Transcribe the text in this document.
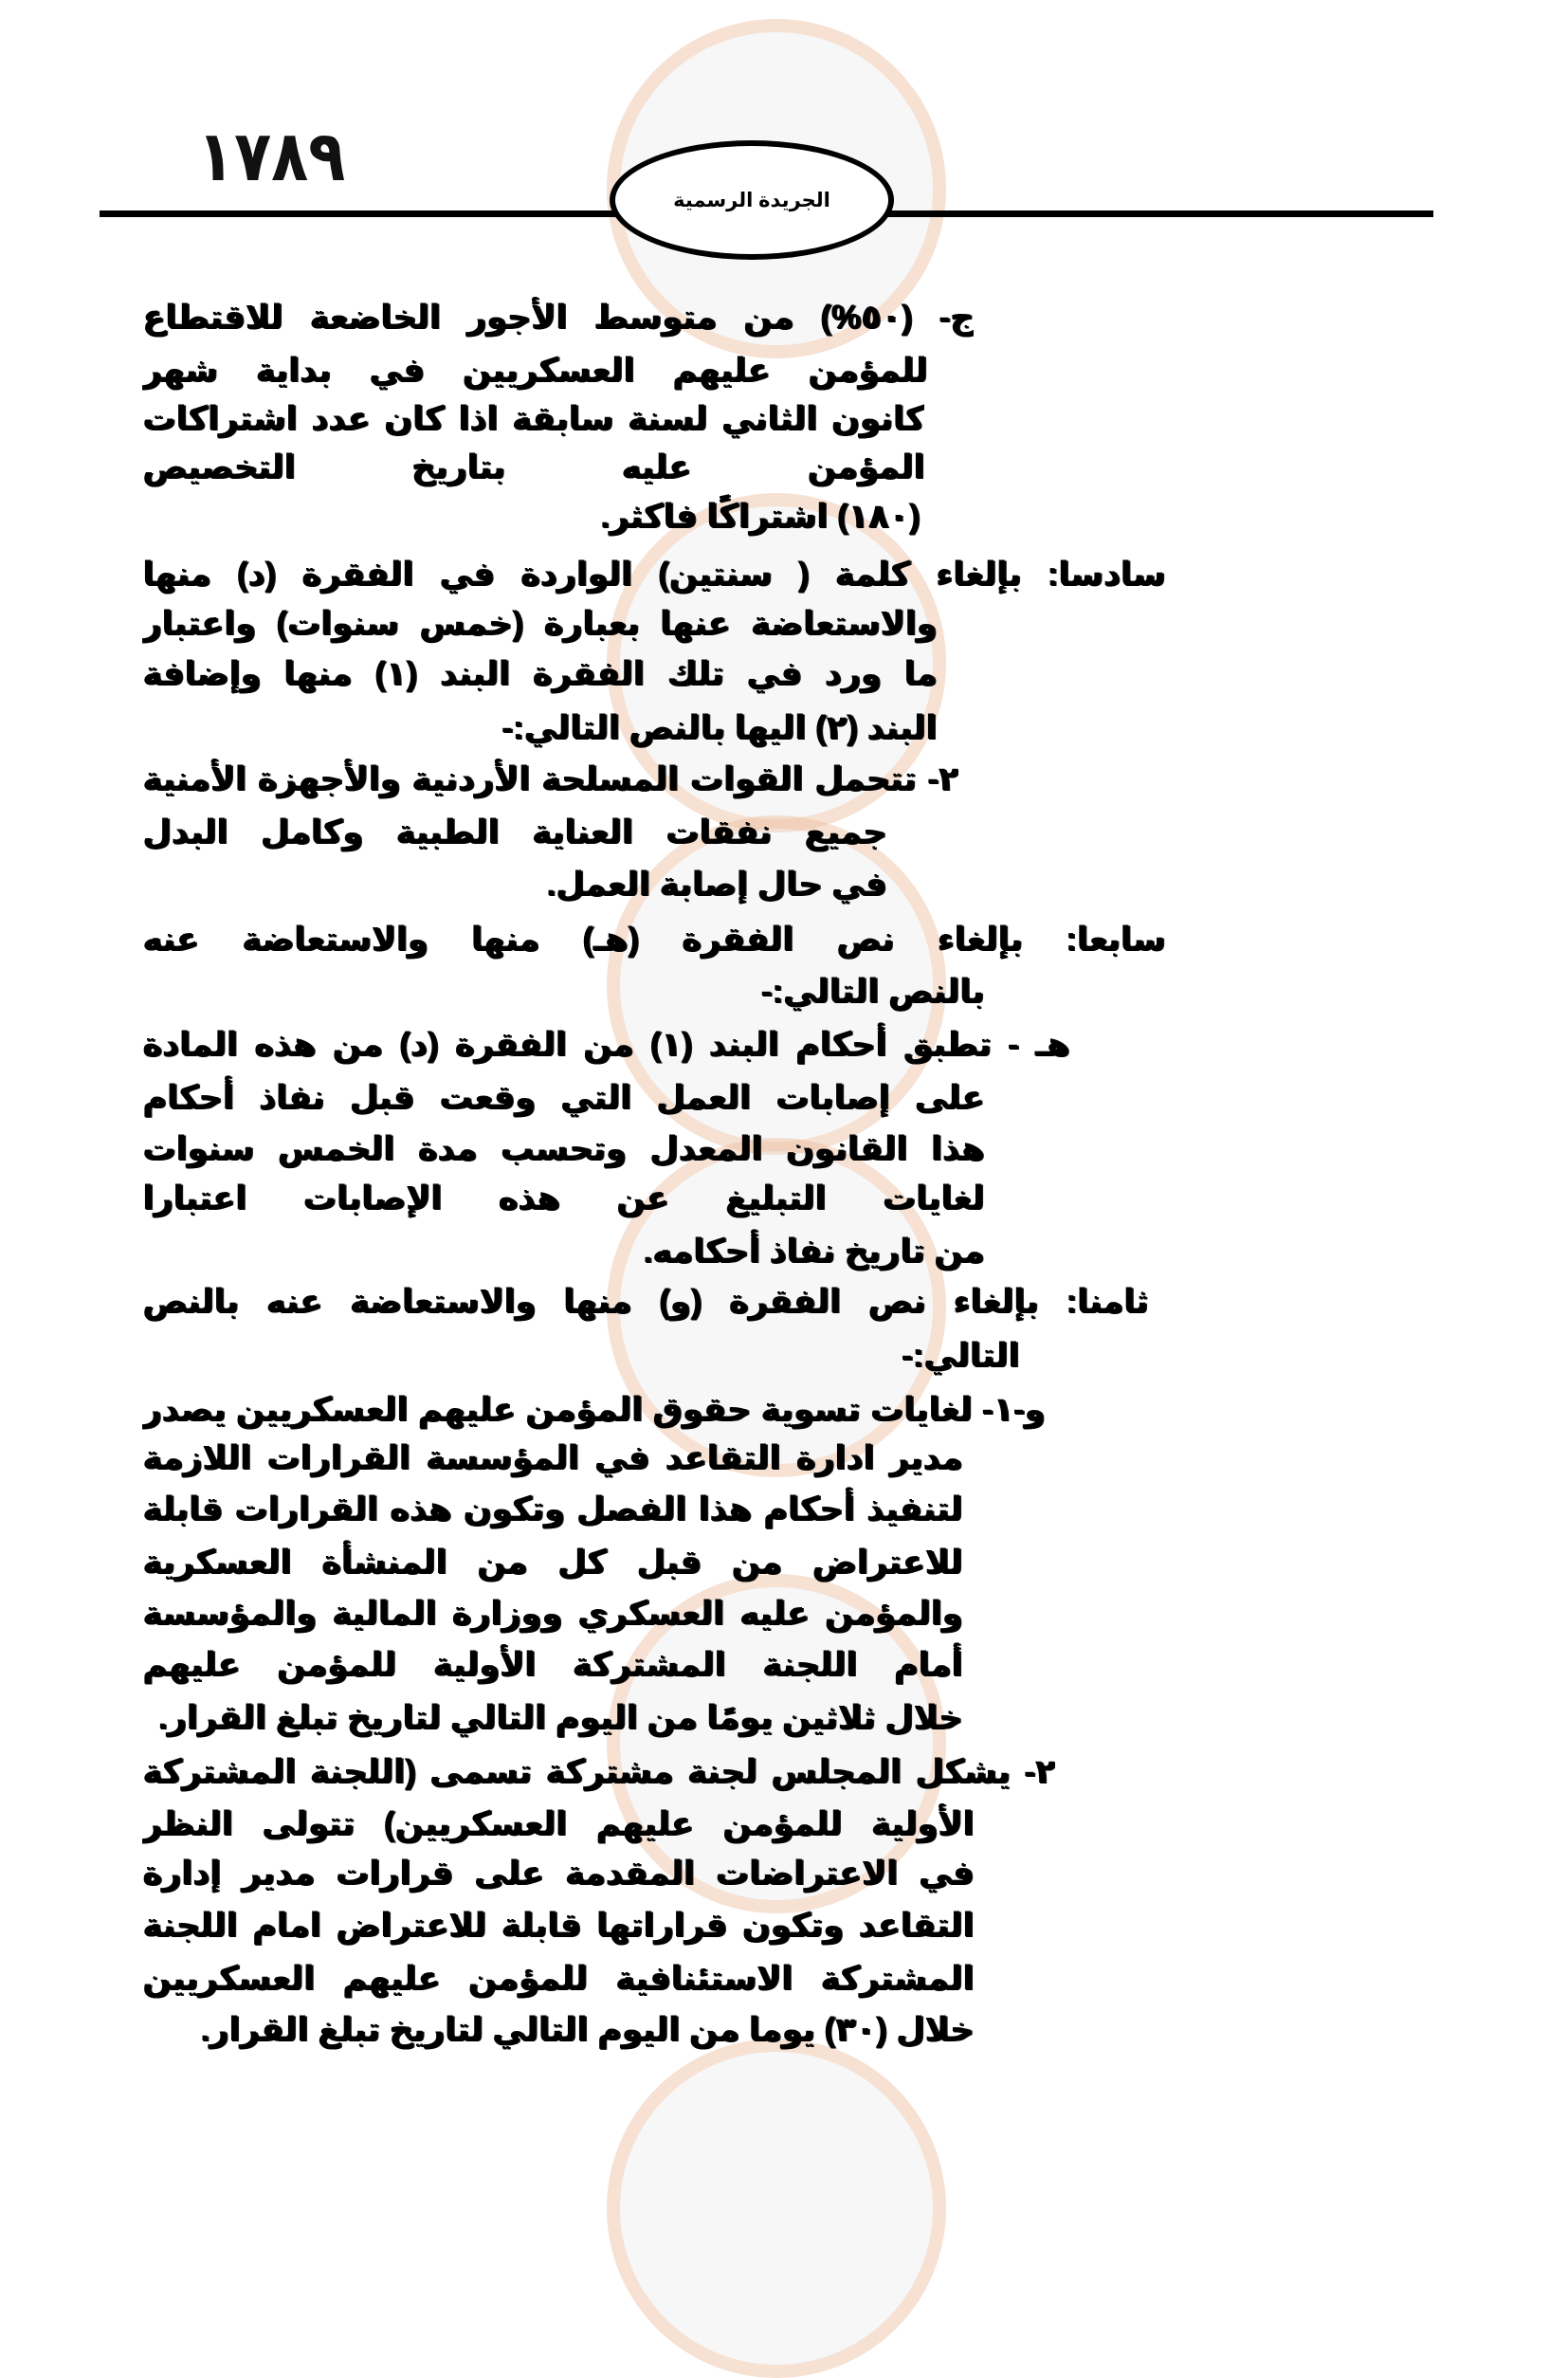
١٧٨٩
الجريدة الرسمية
ج- (٥٠%) من متوسط الأجور الخاضعة للاقتطاع
للمؤمن عليهم العسكريين في بداية شهر
كانون الثاني لسنة سابقة اذا كان عدد اشتراكات
المؤمن عليه بتاريخ التخصيص
(١٨٠) اشتراكًا فاكثر.
سادسا: بإلغاء كلمة ( سنتين) الواردة في الفقرة (د) منها
والاستعاضة عنها بعبارة (خمس سنوات) واعتبار
ما ورد في تلك الفقرة البند (١) منها وإضافة
البند (٢) اليها بالنص التالي:-
٢- تتحمل القوات المسلحة الأردنية والأجهزة الأمنية
جميع نفقات العناية الطبية وكامل البدل
في حال إصابة العمل.
سابعا: بإلغاء نص الفقرة (هـ) منها والاستعاضة عنه
بالنص التالي:-
هـ - تطبق أحكام البند (١) من الفقرة (د) من هذه المادة
على إصابات العمل التي وقعت قبل نفاذ أحكام
هذا القانون المعدل وتحسب مدة الخمس سنوات
لغايات التبليغ عن هذه الإصابات اعتبارا
من تاريخ نفاذ أحكامه.
ثامنا: بإلغاء نص الفقرة (و) منها والاستعاضة عنه بالنص
التالي:-
و-١- لغايات تسوية حقوق المؤمن عليهم العسكريين يصدر
مدير ادارة التقاعد في المؤسسة القرارات اللازمة
لتنفيذ أحكام هذا الفصل وتكون هذه القرارات قابلة
للاعتراض من قبل كل من المنشأة العسكرية
والمؤمن عليه العسكري ووزارة المالية والمؤسسة
أمام اللجنة المشتركة الأولية للمؤمن عليهم
خلال ثلاثين يومًا من اليوم التالي لتاريخ تبلغ القرار.
٢- يشكل المجلس لجنة مشتركة تسمى (اللجنة المشتركة
الأولية للمؤمن عليهم العسكريين) تتولى النظر
في الاعتراضات المقدمة على قرارات مدير إدارة
التقاعد وتكون قراراتها قابلة للاعتراض امام اللجنة
المشتركة الاستئنافية للمؤمن عليهم العسكريين
خلال (٣٠) يوما من اليوم التالي لتاريخ تبلغ القرار.
